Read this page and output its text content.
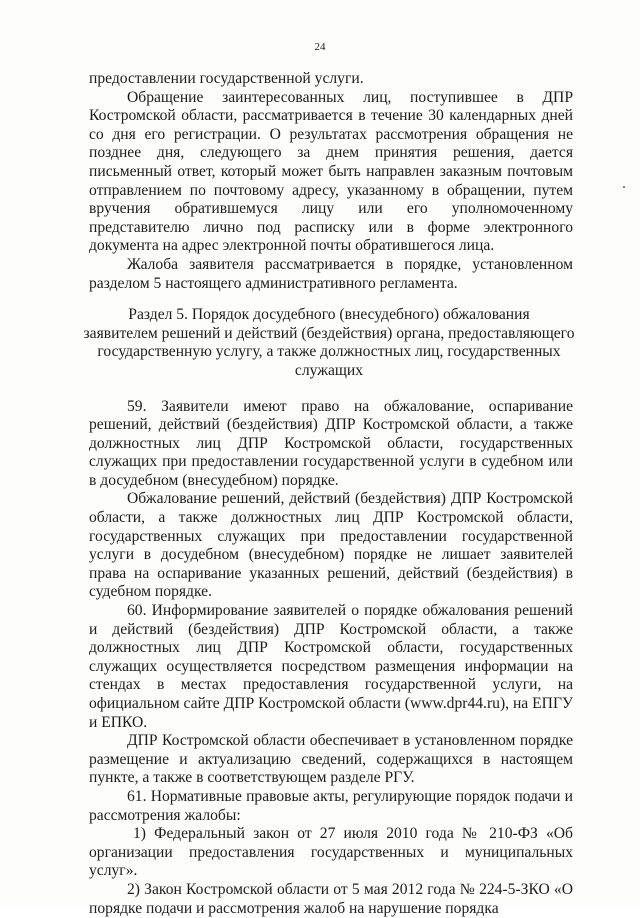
24

предоставлении государственной услуги.

Обращение заинтересованных лиц, поступившее в ДПР Костромской области, рассматривается в течение 30 календарных дней со дня его регистрации. О результатах рассмотрения обращения не позднее дня, следующего за днем принятия решения, дается письменный ответ, который может быть направлен заказным почтовым отправлением по почтовому адресу, указанному в обращении, путем вручения обратившемуся лицу или его уполномоченному представителю лично под расписку или в форме электронного документа на адрес электронной почты обратившегося лица.

Жалоба заявителя рассматривается в порядке, установленном разделом 5 настоящего административного регламента.

Раздел 5. Порядок досудебного (внесудебного) обжалования
заявителем решений и действий (бездействия) органа, предоставляющего
государственную услугу, а также должностных лиц, государственных
служащих

59. Заявители имеют право на обжалование, оспаривание решений, действий (бездействия) ДПР Костромской области, а также должностных лиц ДПР Костромской области, государственных служащих при предоставлении государственной услуги в судебном или в досудебном (внесудебном) порядке.

Обжалование решений, действий (бездействия) ДПР Костромской области, а также должностных лиц ДПР Костромской области, государственных служащих при предоставлении государственной услуги в досудебном (внесудебном) порядке не лишает заявителей права на оспаривание указанных решений, действий (бездействия) в судебном порядке.

60. Информирование заявителей о порядке обжалования решений и действий (бездействия) ДПР Костромской области, а также должностных лиц ДПР Костромской области, государственных служащих осуществляется посредством размещения информации на стендах в местах предоставления государственной услуги, на официальном сайте ДПР Костромской области (www.dpr44.ru), на ЕПГУ и ЕПКО.

ДПР Костромской области обеспечивает в установленном порядке размещение и актуализацию сведений, содержащихся в настоящем пункте, а также в соответствующем разделе РГУ.

61. Нормативные правовые акты, регулирующие порядок подачи и рассмотрения жалобы:

1) Федеральный закон от 27 июля 2010 года № 210-ФЗ «Об организации предоставления государственных и муниципальных услуг».

2) Закон Костромской области от 5 мая 2012 года № 224-5-ЗКО «О порядке подачи и рассмотрения жалоб на нарушение порядка
